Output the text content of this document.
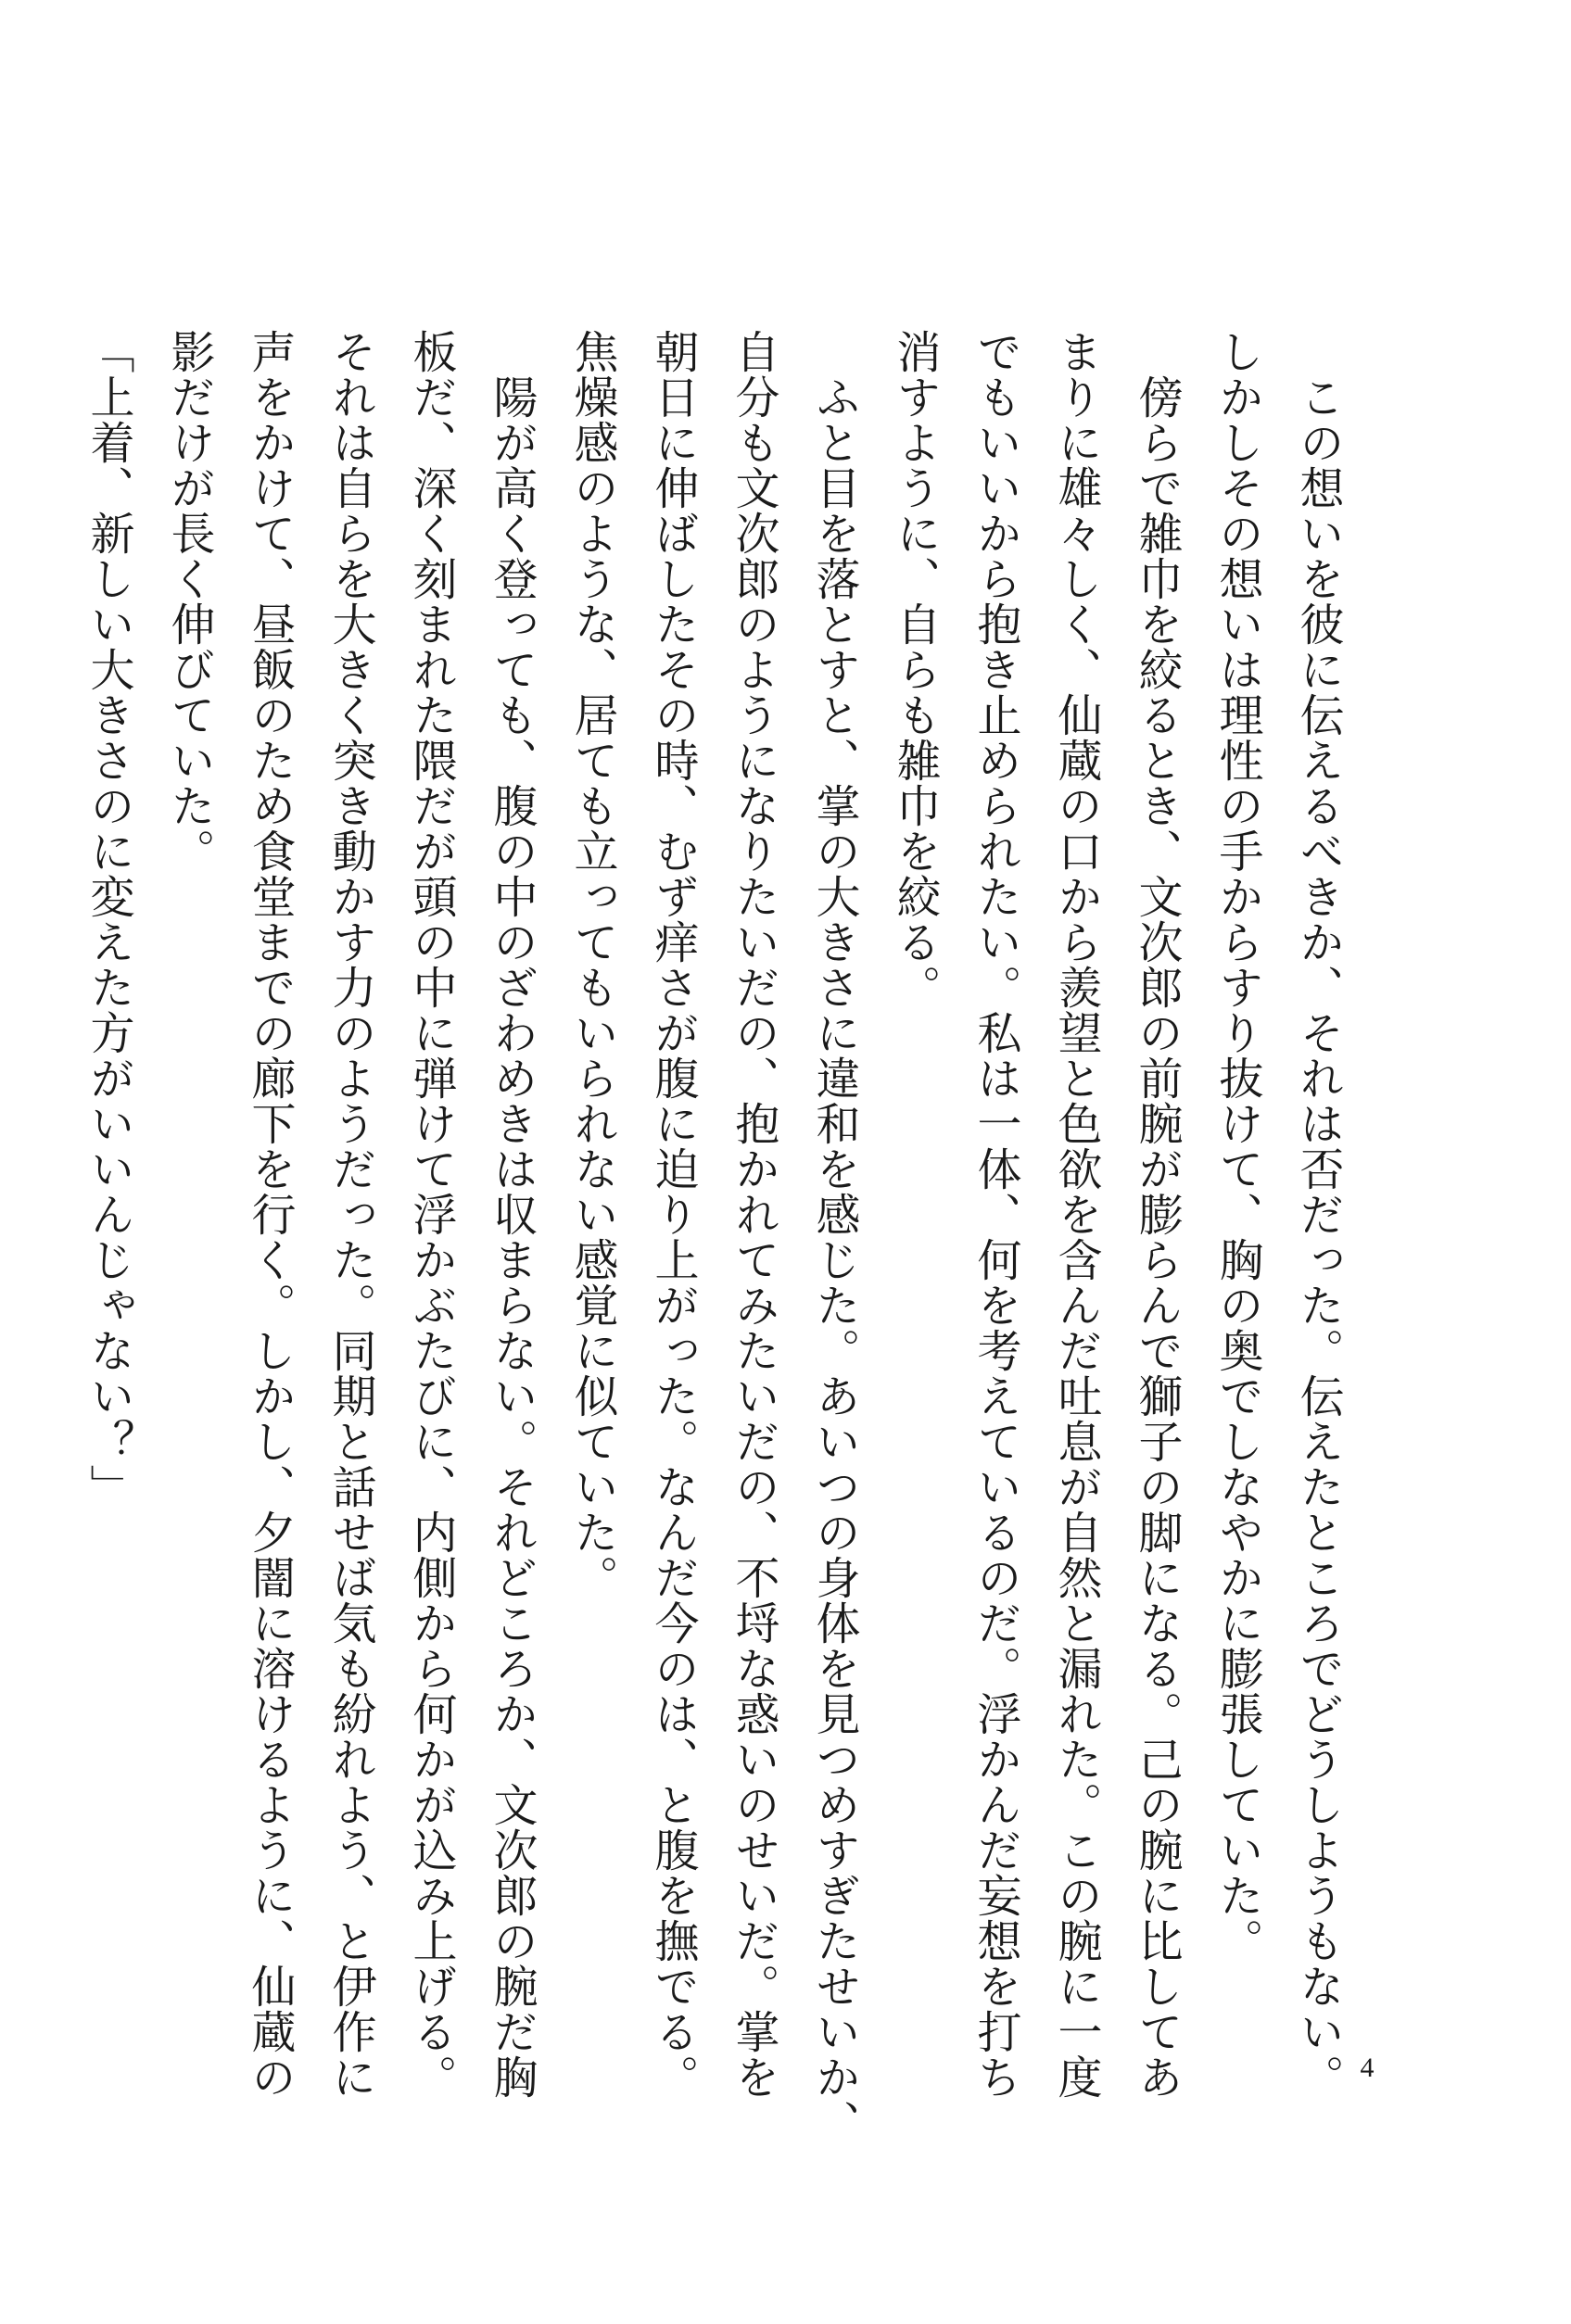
　この想いを彼に伝えるべきか、それは否だった。伝えたところでどうしようもない。
しかしその想いは理性の手からすり抜けて、胸の奥でしなやかに膨張していた。
　傍らで雑巾を絞るとき、文次郎の前腕が膨らんで獅子の脚になる。己の腕に比してあ
まりに雄々しく、仙蔵の口から羨望と色欲を含んだ吐息が自然と漏れた。この腕に一度
でもいいから抱き止められたい。私は一体、何を考えているのだ。浮かんだ妄想を打ち
消すように、自らも雑巾を絞る。
　ふと目を落とすと、掌の大きさに違和を感じた。あいつの身体を見つめすぎたせいか、
自分も文次郎のようになりたいだの、抱かれてみたいだの、不埒な惑いのせいだ。掌を
朝日に伸ばしたその時、むず痒さが腹に迫り上がった。なんだ今のは、と腹を撫でる。
焦燥感のような、居ても立ってもいられない感覚に似ていた。
　陽が高く登っても、腹の中のざわめきは収まらない。それどころか、文次郎の腕だ胸
板だ、深く刻まれた隈だが頭の中に弾けて浮かぶたびに、内側から何かが込み上げる。
それは自らを大きく突き動かす力のようだった。同期と話せば気も紛れよう、と伊作に
声をかけて、昼飯のため食堂までの廊下を行く。しかし、夕闇に溶けるように、仙蔵の
影だけが長く伸びていた。
「上着、新しい大きさのに変えた方がいいんじゃない？」
4
